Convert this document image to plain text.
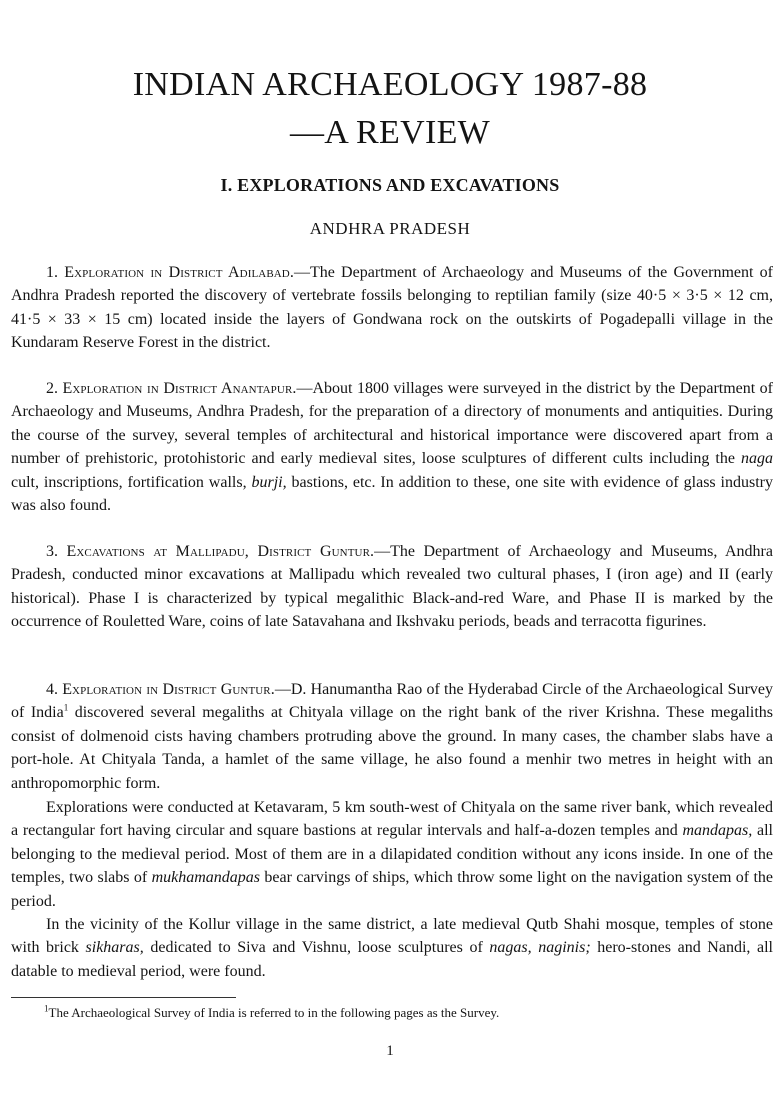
INDIAN ARCHAEOLOGY 1987-88
—A REVIEW
I. EXPLORATIONS AND EXCAVATIONS
ANDHRA PRADESH

1. Exploration in District Adilabad.—The Department of Archaeology and Museums of the Government of Andhra Pradesh reported the discovery of vertebrate fossils belonging to reptilian family (size 40·5 × 3·5 × 12 cm, 41·5 × 33 × 15 cm) located inside the layers of Gondwana rock on the outskirts of Pogadepalli village in the Kundaram Reserve Forest in the district.

2. Exploration in District Anantapur.—About 1800 villages were surveyed in the district by the Department of Archaeology and Museums, Andhra Pradesh, for the preparation of a directory of monuments and antiquities. During the course of the survey, several temples of architectural and historical importance were discovered apart from a number of prehistoric, protohistoric and early medieval sites, loose sculptures of different cults including the naga cult, inscriptions, fortification walls, burji, bastions, etc. In addition to these, one site with evidence of glass industry was also found.

3. Excavations at Mallipadu, District Guntur.—The Department of Archaeology and Museums, Andhra Pradesh, conducted minor excavations at Mallipadu which revealed two cultural phases, I (iron age) and II (early historical). Phase I is characterized by typical megalithic Black-and-red Ware, and Phase II is marked by the occurrence of Rouletted Ware, coins of late Satavahana and Ikshvaku periods, beads and terracotta figurines.

4. Exploration in District Guntur.—D. Hanumantha Rao of the Hyderabad Circle of the Archaeological Survey of India$^1$ discovered several megaliths at Chityala village on the right bank of the river Krishna. These megaliths consist of dolmenoid cists having chambers protruding above the ground. In many cases, the chamber slabs have a port-hole. At Chityala Tanda, a hamlet of the same village, he also found a menhir two metres in height with an anthropomorphic form.

Explorations were conducted at Ketavaram, 5 km south-west of Chityala on the same river bank, which revealed a rectangular fort having circular and square bastions at regular intervals and half-a-dozen temples and mandapas, all belonging to the medieval period. Most of them are in a dilapidated condition without any icons inside. In one of the temples, two slabs of mukhamandapas bear carvings of ships, which throw some light on the navigation system of the period.

In the vicinity of the Kollur village in the same district, a late medieval Qutb Shahi mosque, temples of stone with brick sikharas, dedicated to Siva and Vishnu, loose sculptures of nagas, naginis; hero-stones and Nandi, all datable to medieval period, were found.

$^1$The Archaeological Survey of India is referred to in the following pages as the Survey.

1
